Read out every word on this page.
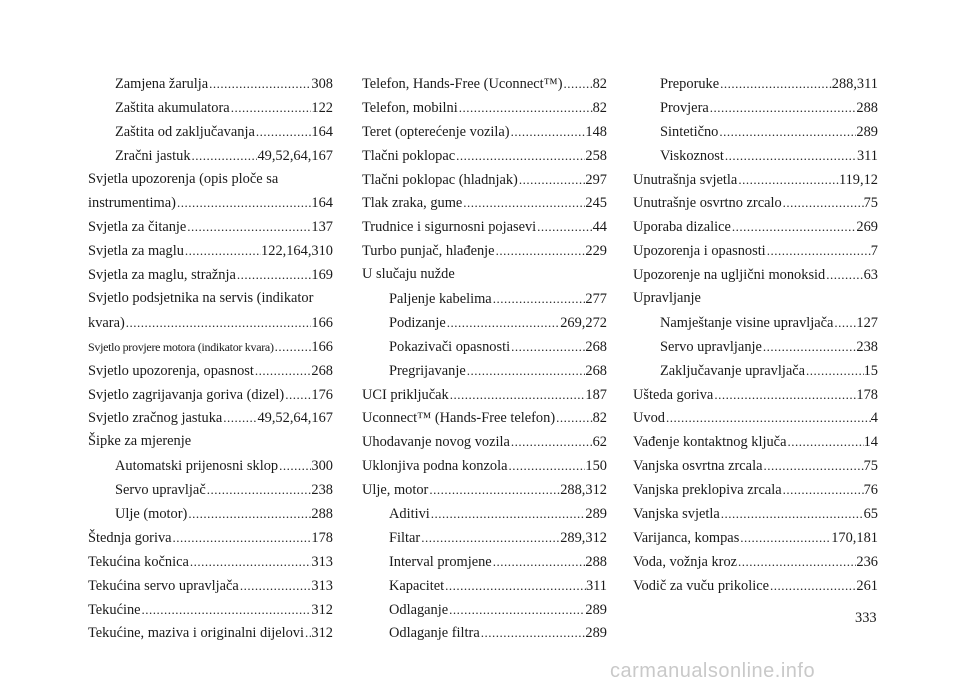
Zamjena žarulja .....	308
Zaštita akumulatora .....	122
Zaštita od zaključavanja .....	164
Zračni jastuk .....	49,52,64,167
Svjetla upozorenja (opis ploče sa
instrumentima) .....	164
Svjetla za čitanje .....	137
Svjetla za maglu .....	122,164,310
Svjetla za maglu, stražnja .....	169
Svjetlo podsjetnika na servis (indikator
kvara) .....	166
Svjetlo provjere motora (indikator kvara) .....	166
Svjetlo upozorenja, opasnost .....	268
Svjetlo zagrijavanja goriva (dizel) ..... 176
Svjetlo zračnog jastuka ..... 49,52,64,167
Šipke za mjerenje
Automatski prijenosni sklop ..... 300
Servo upravljač .....	238
Ulje (motor) .....	288
Štednja goriva .....	178
Tekućina kočnica .....	313
Tekućina servo upravljača .....	313
Tekućine .....	312
Tekućine, maziva i originalni dijelovi ..... 312
Telefon, Hands-Free (Uconnect™) ..... 82
Telefon, mobilni .....	82
Teret (opterećenje vozila) .....	148
Tlačni poklopac .....	258
Tlačni poklopac (hladnjak) .....	297
Tlak zraka, gume .....	245
Trudnice i sigurnosni pojasevi .....	44
Turbo punjač, hlađenje .....	229
U slučaju nužde
Paljenje kabelima .....	277
Podizanje .....	269,272
Pokazivači opasnosti .....	268
Pregrijavanje .....	268
UCI priključak .....	187
Uconnect™ (Hands-Free telefon) .....	82
Uhodavanje novog vozila .....	62
Uklonjiva podna konzola .....	150
Ulje, motor .....	288,312
Aditivi .....	289
Filtar .....	289,312
Interval promjene .....	288
Kapacitet .....	311
Odlaganje .....	289
Odlaganje filtra .....	289
Preporuke .....	288,311
Provjera .....	288
Sintetično .....	289
Viskoznost .....	311
Unutrašnja svjetla .....	119,12
Unutrašnje osvrtno zrcalo .....	75
Uporaba dizalice .....	269
Upozorenja i opasnosti .....	7
Upozorenje na ugljični monoksid .....	63
Upravljanje
Namještanje visine upravljača ..... 127
Servo upravljanje .....	238
Zaključavanje upravljača .....	15
Ušteda goriva .....	178
Uvod .....	4
Vađenje kontaktnog ključa .....	14
Vanjska osvrtna zrcala .....	75
Vanjska preklopiva zrcala .....	76
Vanjska svjetla .....	65
Varijanca, kompas .....	170,181
Voda, vožnja kroz .....	236
Vodič za vuču prikolice .....	261
333
carmanualsonline.info
